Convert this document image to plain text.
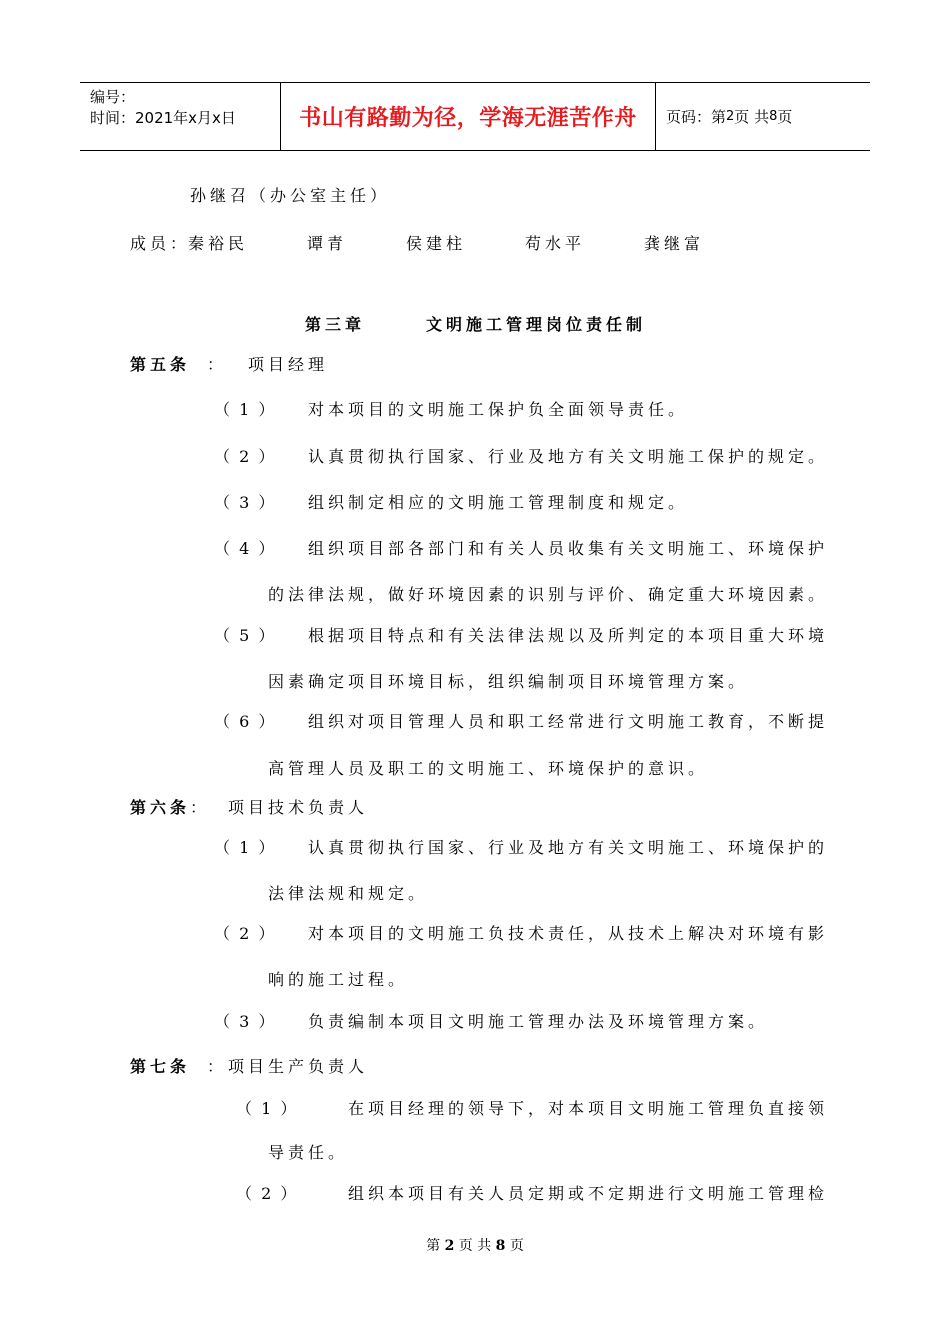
编号：
时间：2021年x月x日	书山有路勤为径，学海无涯苦作舟	页码：第 2 页 共 8 页
孙继召（办公室主任）
成员：
秦裕民	谭青	侯建柱	苟水平	龚继富
第三章	文明施工管理岗位责任制
第五条 ： 项目经理
（ 1 ） 对本项目的文明施工保护负全面领导责任。
（ 2 ） 认真贯彻执行国家、行业及地方有关文明施工保护的规定。
（ 3 ） 组织制定相应的文明施工管理制度和规定。
（ 4 ） 组织项目部各部门和有关人员收集有关文明施工、环境保护
的法律法规，做好环境因素的识别与评价、确定重大环境因素。
（ 5 ） 根据项目特点和有关法律法规以及所判定的本项目重大环境
因素确定项目环境目标，组织编制项目环境管理方案。
（ 6 ） 组织对项目管理人员和职工经常进行文明施工教育，不断提
高管理人员及职工的文明施工、环境保护的意识。
第六条 ： 项目技术负责人
（ 1 ） 认真贯彻执行国家、行业及地方有关文明施工、环境保护的
法律法规和规定。
（ 2 ） 对本项目的文明施工负技术责任，从技术上解决对环境有影
响的施工过程。
（ 3 ） 负责编制本项目文明施工管理办法及环境管理方案。
第七条 ： 项目生产负责人
（ 1 ）	在项目经理的领导下，对本项目文明施工管理负直接领
导责任。
（ 2 ）	组织本项目有关人员定期或不定期进行文明施工管理检
第 2 页 共 8 页
